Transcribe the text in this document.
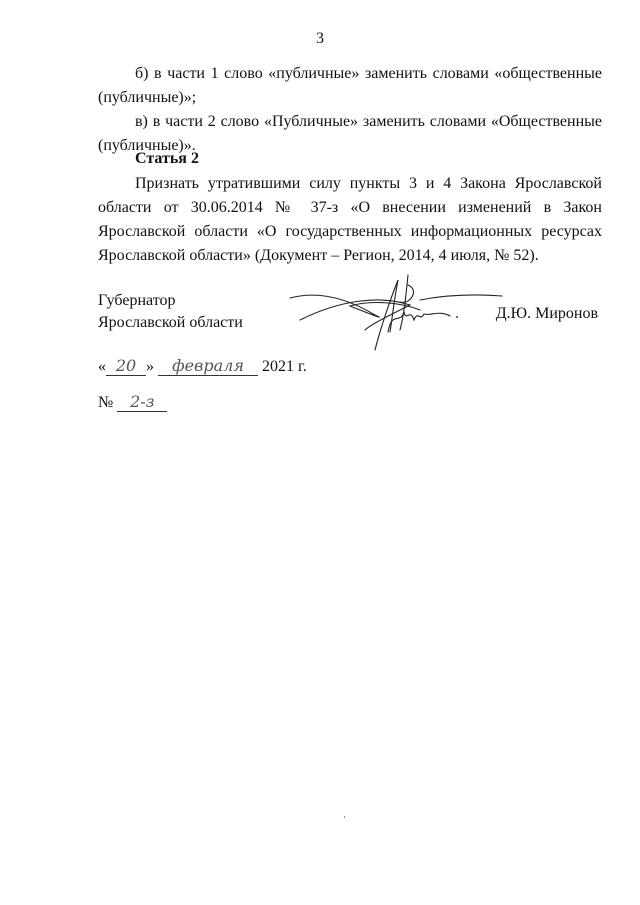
3

б) в части 1 слово «публичные» заменить словами «общественные (публичные)»;

в) в части 2 слово «Публичные» заменить словами «Общественные (публичные)».

Статья 2

Признать утратившими силу пункты 3 и 4 Закона Ярославской области от 30.06.2014 № 37-з «О внесении изменений в Закон Ярославской области «О государственных информационных ресурсах Ярославской области» (Документ – Регион, 2014, 4 июля, № 52).

Губернатор
Ярославской области
Д.Ю. Миронов
« 20 » февраля 2021 г.
№ 2-з
